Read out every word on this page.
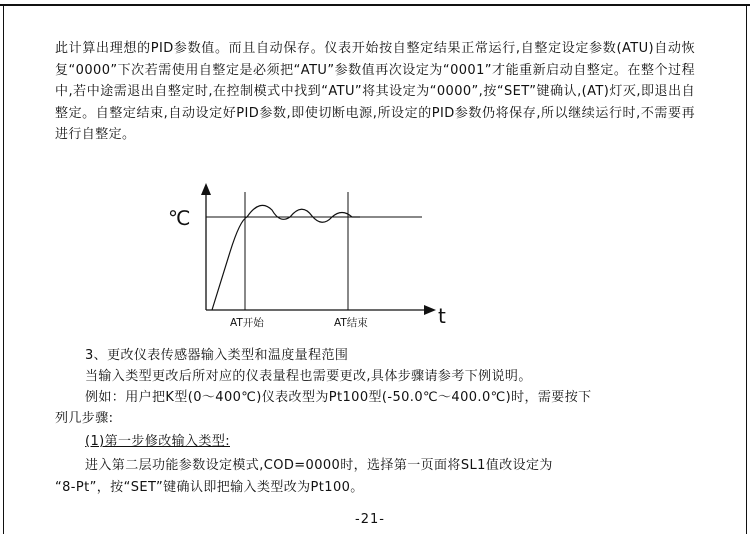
此计算出理想的PID参数值。而且自动保存。仪表开始按自整定结果正常运行,自整定设定参数(ATU)自动恢复“0000”下次若需使用自整定是必须把“ATU”参数值再次设定为“0001”才能重新启动自整定。在整个过程中,若中途需退出自整定时,在控制模式中找到“ATU”将其设定为“0000”,按“SET”键确认,(AT)灯灭,即退出自整定。自整定结束,自动设定好PID参数,即使切断电源,所设定的PID参数仍将保存,所以继续运行时,不需要再进行自整定。

℃
t
AT开始	AT结束
3、更改仪表传感器输入类型和温度量程范围
当输入类型更改后所对应的仪表量程也需要更改,具体步骤请参考下例说明。
例如：用户把K型(0～400℃)仪表改型为Pt100型(-50.0℃～400.0℃)时，需要按下
列几步骤:
(1)第一步修改输入类型:
进入第二层功能参数设定模式,COD=0000时，选择第一页面将SL1值改设定为
“8-Pt”，按“SET”键确认即把输入类型改为Pt100。
-21-
